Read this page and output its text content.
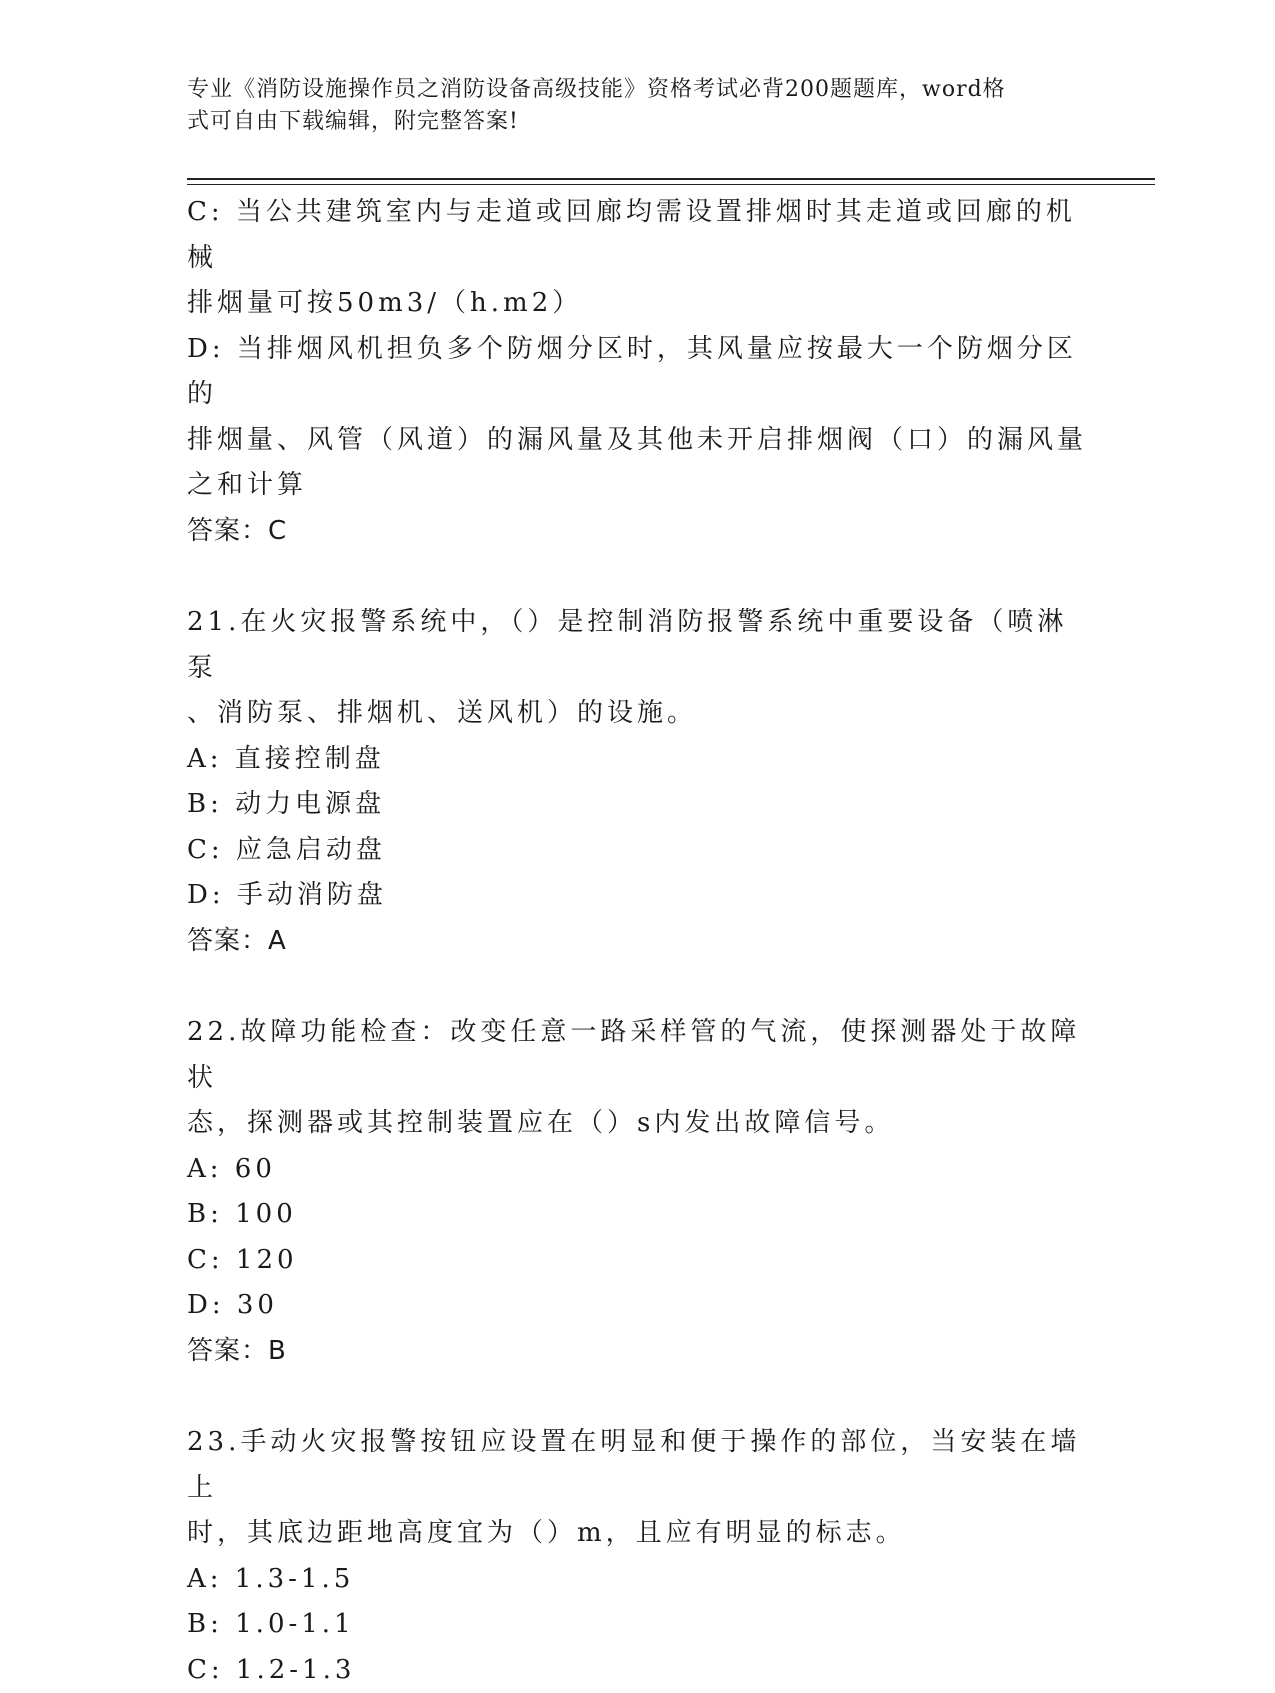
专业《消防设施操作员之消防设备高级技能》资格考试必背200题题库，word格
式可自由下载编辑，附完整答案!
C: 当公共建筑室内与走道或回廊均需设置排烟时其走道或回廊的机械
排烟量可按50m3/（h.m2）
D: 当排烟风机担负多个防烟分区时，其风量应按最大一个防烟分区的
排烟量、风管（风道）的漏风量及其他未开启排烟阀（口）的漏风量
之和计算
答案：C
21.在火灾报警系统中，（）是控制消防报警系统中重要设备（喷淋泵
、消防泵、排烟机、送风机）的设施。
A: 直接控制盘
B: 动力电源盘
C: 应急启动盘
D: 手动消防盘
答案：A
22.故障功能检查：改变任意一路采样管的气流，使探测器处于故障状
态，探测器或其控制装置应在（）s内发出故障信号。
A: 60
B: 100
C: 120
D: 30
答案：B
23.手动火灾报警按钮应设置在明显和便于操作的部位，当安装在墙上
时，其底边距地高度宜为（）m，且应有明显的标志。
A: 1.3-1.5
B: 1.0-1.1
C: 1.2-1.3
